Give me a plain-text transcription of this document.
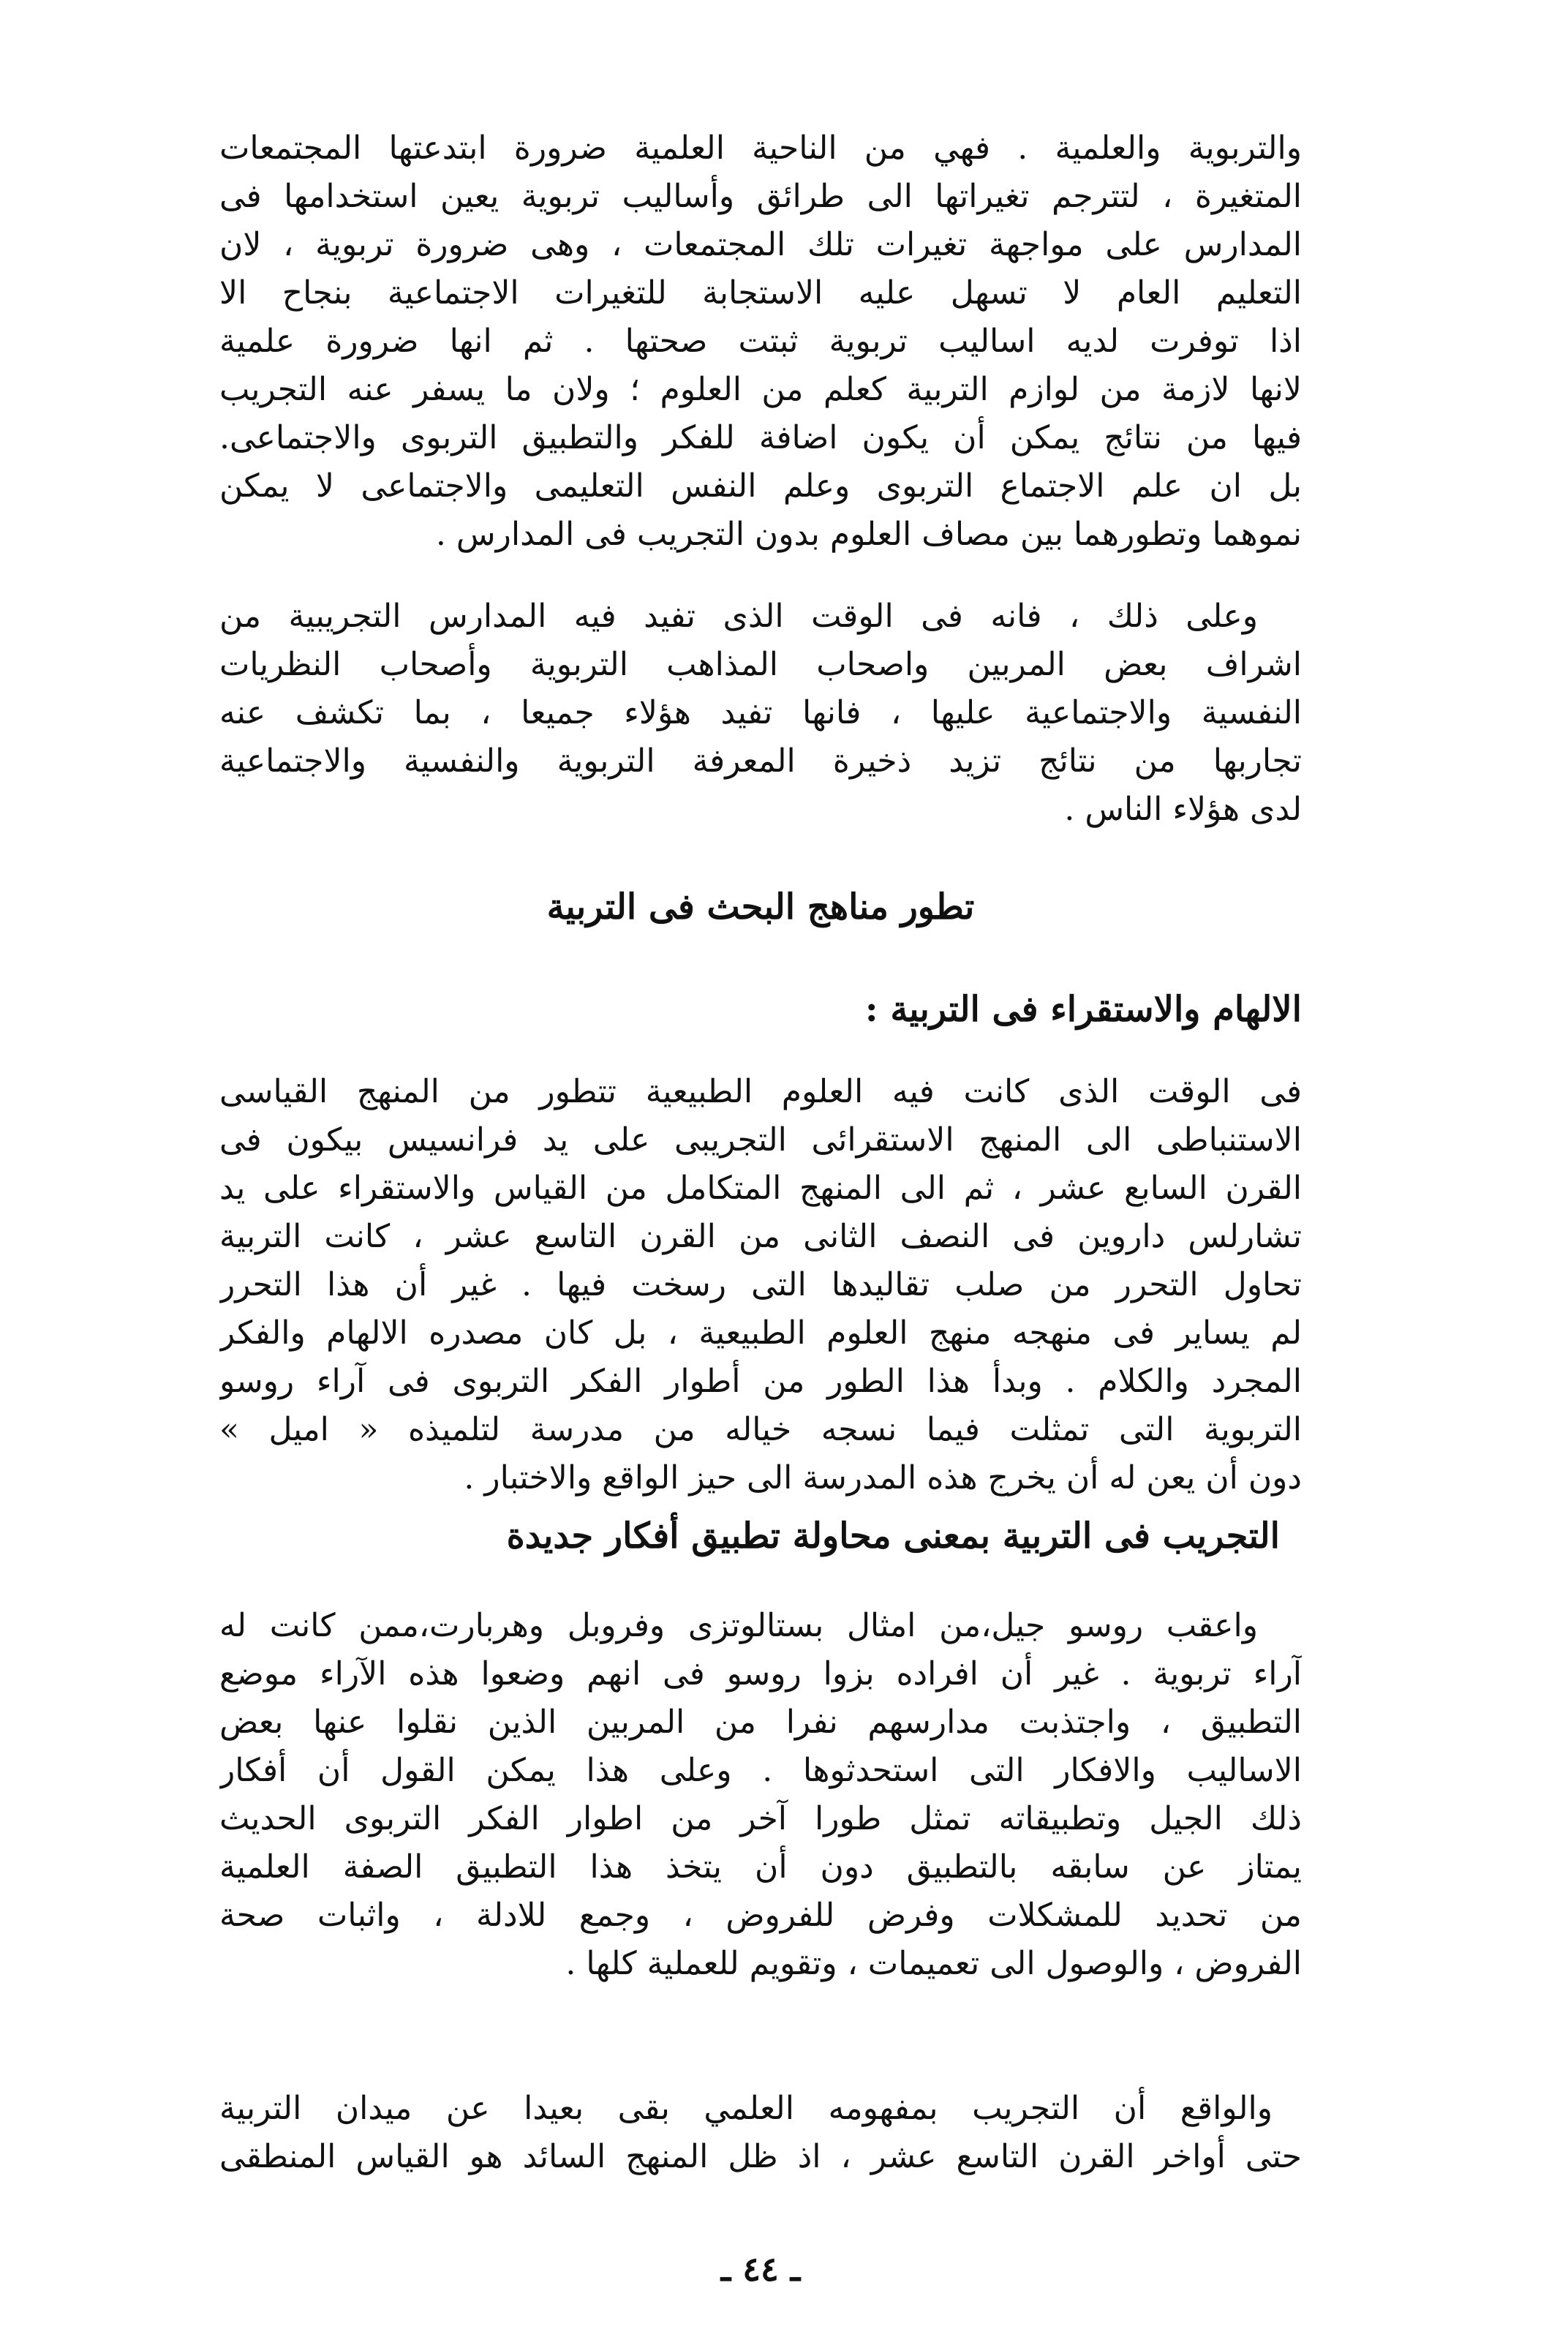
والتربوية والعلمية . فهي من الناحية العلمية ضرورة ابتدعتها المجتمعات
المتغيرة ، لتترجم تغيراتها الى طرائق وأساليب تربوية يعين استخدامها فى
المدارس على مواجهة تغيرات تلك المجتمعات ، وهى ضرورة تربوية ، لان
التعليم العام لا تسهل عليه الاستجابة للتغيرات الاجتماعية بنجاح الا
اذا توفرت لديه اساليب تربوية ثبتت صحتها . ثم انها ضرورة علمية
لانها لازمة من لوازم التربية كعلم من العلوم ؛ ولان ما يسفر عنه التجريب
فيها من نتائج يمكن أن يكون اضافة للفكر والتطبيق التربوى والاجتماعى.
بل ان علم الاجتماع التربوى وعلم النفس التعليمى والاجتماعى لا يمكن
نموهما وتطورهما بين مصاف العلوم بدون التجريب فى المدارس .
وعلى ذلك ، فانه فى الوقت الذى تفيد فيه المدارس التجريبية من
اشراف بعض المربين واصحاب المذاهب التربوية وأصحاب النظريات
النفسية والاجتماعية عليها ، فانها تفيد هؤلاء جميعا ، بما تكشف عنه
تجاربها من نتائج تزيد ذخيرة المعرفة التربوية والنفسية والاجتماعية
لدى هؤلاء الناس .
تطور مناهج البحث فى التربية
الالهام والاستقراء فى التربية :
فى الوقت الذى كانت فيه العلوم الطبيعية تتطور من المنهج القياسى
الاستنباطى الى المنهج الاستقرائى التجريبى على يد فرانسيس بيكون فى
القرن السابع عشر ، ثم الى المنهج المتكامل من القياس والاستقراء على يد
تشارلس داروين فى النصف الثانى من القرن التاسع عشر ، كانت التربية
تحاول التحرر من صلب تقاليدها التى رسخت فيها . غير أن هذا التحرر
لم يساير فى منهجه منهج العلوم الطبيعية ، بل كان مصدره الالهام والفكر
المجرد والكلام . وبدأ هذا الطور من أطوار الفكر التربوى فى آراء روسو
التربوية التى تمثلت فيما نسجه خياله من مدرسة لتلميذه « اميل »
دون أن يعن له أن يخرج هذه المدرسة الى حيز الواقع والاختبار .
التجريب فى التربية بمعنى محاولة تطبيق أفكار جديدة
واعقب روسو جيل،من امثال بستالوتزى وفروبل وهربارت،ممن كانت له
آراء تربوية . غير أن افراده بزوا روسو فى انهم وضعوا هذه الآراء موضع
التطبيق ، واجتذبت مدارسهم نفرا من المربين الذين نقلوا عنها بعض
الاساليب والافكار التى استحدثوها . وعلى هذا يمكن القول أن أفكار
ذلك الجيل وتطبيقاته تمثل طورا آخر من اطوار الفكر التربوى الحديث
يمتاز عن سابقه بالتطبيق دون أن يتخذ هذا التطبيق الصفة العلمية
من تحديد للمشكلات وفرض للفروض ، وجمع للادلة ، واثبات صحة
الفروض ، والوصول الى تعميمات ، وتقويم للعملية كلها .
والواقع أن التجريب بمفهومه العلمي بقى بعيدا عن ميدان التربية
حتى أواخر القرن التاسع عشر ، اذ ظل المنهج السائد هو القياس المنطقى
ـ ٤٤ ـ
